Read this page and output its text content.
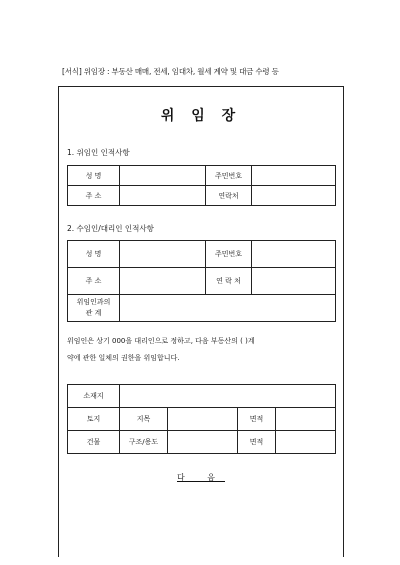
[서식] 위임장 : 부동산 매매, 전세, 임대차, 월세 계약 및 대금 수령 등
위 임 장
1. 위임인 인적사항
성 명		주민번호	
주 소		연락처	
2. 수임인/대리인 인적사항
성 명		주민번호	
주 소		연 락 처	

위임인과의
관 계			

위임인은 상기 000을 대리인으로 정하고, 다음 부동산의 ( )계
약에 관한 일체의 권한을 위임합니다.
소재지				
토지	지목		면적	
건물	구조/용도		면적	
다 음
